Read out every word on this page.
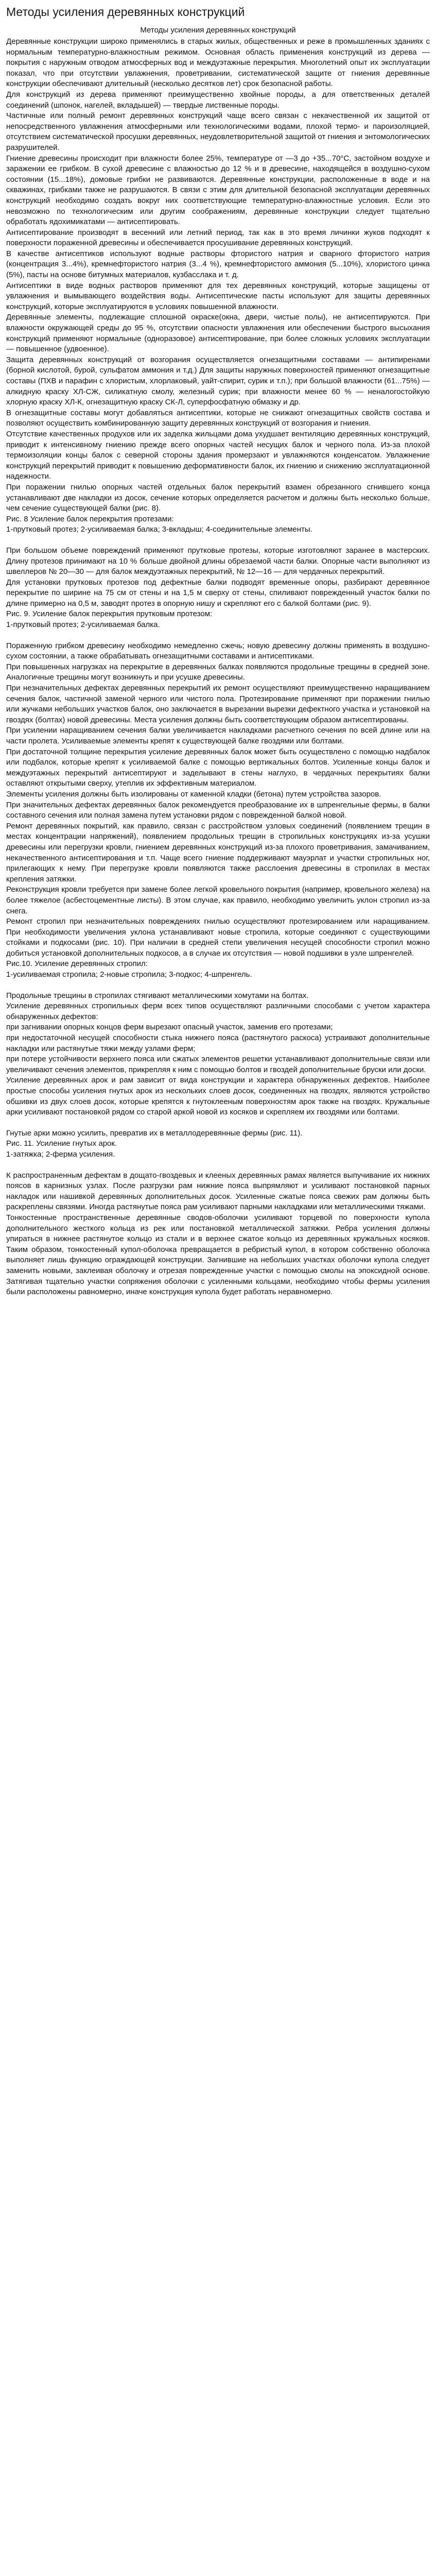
Методы усиления деревянных конструкций
Методы усиления деревянных конструкций

Деревянные конструкции широко применялись в старых жилых, общественных и реже в промышленных зданиях с нормальным температурно-влажностным режимом. Основная область применения конструкций из дерева — покрытия с наружным отводом атмосферных вод и междуэтажные перекрытия. Многолетний опыт их эксплуатации показал, что при отсутствии увлажнения, проветривании, систематической защите от гниения деревянные конструкции обеспечивают длительный (несколько десятков лет) срок безопасной работы.

Для конструкций из дерева применяют преимущественно хвойные породы, а для ответственных деталей соединений (шпонок, нагелей, вкладышей) — твердые лиственные породы.

Частичные или полный ремонт деревянных конструкций чаще всего связан с некачественной их защитой от непосредственного увлажнения атмосферными или технологическими водами, плохой термо- и пароизоляцией, отсутствием систематической просушки деревянных, неудовлетворительной защитой от гниения и энтомологических разрушителей.

Гниение древесины происходит при влажности более 25%, температуре от —3 до +35...70°С, застойном воздухе и заражении ее грибком. В сухой древесине с влажностью до 12 % и в древесине, находящейся в воздушно-сухом состоянии (15...18%), домовые грибки не развиваются. Деревянные конструкции, расположенные в воде и на скважинах, грибками также не разрушаются. В связи с этим для длительной безопасной эксплуатации деревянных конструкций необходимо создать вокруг них соответствующие температурно-влажностные условия. Если это невозможно по технологическим или другим соображениям, деревянные конструкции следует тщательно обработать ядохимикатами — антисептировать.

Антисептирование производят в весенний или летний период, так как в это время личинки жуков подходят к поверхности пораженной древесины и обеспечивается просушивание деревянных конструкций.

В качестве антисептиков используют водные растворы фтористого натрия и сварного фтористого натрия (концентрация 3...4%), кремнефтористого натрия (3...4 %), кремнефтористого аммония (5...10%), хлористого цинка (5%), пасты на основе битумных материалов, кузбасслака и т. д.

Антисептики в виде водных растворов применяют для тех деревянных конструкций, которые защищены от увлажнения и вымывающего воздействия воды. Антисептические пасты используют для защиты деревянных конструкций, которые эксплуатируются в условиях повышенной влажности.

Деревянные элементы, подлежащие сплошной окраске(окна, двери, чистые полы), не антисептируются. При влажности окружающей среды до 95 %, отсутствии опасности увлажнения или обеспечении быстрого высыхания конструкций применяют нормальные (одноразовое) антисептирование, при более сложных условиях эксплуатации — повышенное (удвоенное).

Защита деревянных конструкций от возгорания осуществляется огнезащитными составами — антипиренами (борной кислотой, бурой, сульфатом аммония и т.д.) Для защиты наружных поверхностей применяют огнезащитные составы (ПХВ и парафин с хлористым, хлорлаковый, уайт-спирит, сурик и т.п.); при большой влажности (61...75%) — алкидную краску ХЛ-СЖ, силикатную смолу, железный сурик; при влажности менее 60 % — неналогостойкую хлорную краску ХЛ-К, огнезащитную краску СК-Л, суперфосфатную обмазку и др.

В огнезащитные составы могут добавляться антисептики, которые не снижают огнезащитных свойств состава и позволяют осуществить комбинированную защиту деревянных конструкций от возгорания и гниения.

Отсутствие качественных продухов или их заделка жильцами дома ухудшает вентиляцию деревянных конструкций, приводит к интенсивному гниению прежде всего опорных частей несущих балок и черного пола. Из-за плохой термоизоляции концы балок с северной стороны здания промерзают и увлажняются конденсатом. Увлажнение конструкций перекрытий приводит к повышению деформативности балок, их гниению и снижению эксплуатационной надежности.

При поражении гнилью опорных частей отдельных балок перекрытий взамен обрезанного сгнившего конца устанавливают две накладки из досок, сечение которых определяется расчетом и должны быть несколько больше, чем сечение существующей балки (рис. 8).

Рис. 8 Усиление балок перекрытия протезами:

1-прутковый протез; 2-усиливаемая балка; 3-вкладыш; 4-соединительные элементы.

При большом объеме повреждений применяют прутковые протезы, которые изготовляют заранее в мастерских. Длину протезов принимают на 10 % больше двойной длины обрезаемой части балки. Опорные части выполняют из швеллеров № 20—30 — для балок междуэтажных перекрытий, № 12—16 — для чердачных перекрытий.

Для установки прутковых протезов под дефектные балки подводят временные опоры, разбирают деревянное перекрытие по ширине на 75 см от стены и на 1,5 м сверху от стены, спиливают поврежденный участок балки по длине примерно на 0,5 м, заводят протез в опорную нишу и скрепляют его с балкой болтами (рис. 9).

Рис. 9. Усиление балок перекрытия прутковым протезом:

1-прутковый протез; 2-усиливаемая балка.

Пораженную грибком древесину необходимо немедленно сжечь; новую древесину должны применять в воздушно-сухом состоянии, а также обрабатывать огнезащитными составами и антисептиками.

При повышенных нагрузках на перекрытие в деревянных балках появляются продольные трещины в средней зоне. Аналогичные трещины могут возникнуть и при усушке древесины.

При незначительных дефектах деревянных перекрытий их ремонт осуществляют преимущественно наращиванием сечения балок, частичной заменой черного или чистого пола. Протезирование применяют при поражении гнилью или жучками небольших участков балок, оно заключается в вырезании вырезки дефектного участка и установкой на гвоздях (болтах) новой древесины. Места усиления должны быть соответствующим образом антисептированы.

При усилении наращиванием сечения балки увеличивается накладками расчетного сечения по всей длине или на части пролета. Усиливаемые элементы крепят к существующей балке гвоздями или болтами.

При достаточной толщине перекрытия усиление деревянных балок может быть осуществлено с помощью надбалок или подбалок, которые крепят к усиливаемой балке с помощью вертикальных болтов. Усиленные концы балок и междуэтажных перекрытий антисептируют и заделывают в стены наглухо, в чердачных перекрытиях балки оставляют открытыми сверху, утеплив их эффективным материалом.

Элементы усиления должны быть изолированы от каменной кладки (бетона) путем устройства зазоров.

При значительных дефектах деревянных балок рекомендуется преобразование их в шпренгельные фермы, в балки составного сечения или полная замена путем установки рядом с поврежденной балкой новой.

Ремонт деревянных покрытий, как правило, связан с расстройством узловых соединений (появлением трещин в местах концентрации напряжений), появлением продольных трещин в стропильных конструкциях из-за усушки древесины или перегрузки кровли, гниением деревянных конструкций из-за плохого проветривания, замачиванием, некачественного антисептирования и т.п. Чаще всего гниение поддерживают мауэрлат и участки стропильных ног, прилегающих к нему. При перегрузке кровли появляются также расслоения древесины в стропилах в местах крепления затяжки.

Реконструкция кровли требуется при замене более легкой кровельного покрытия (например, кровельного железа) на более тяжелое (асбестоцементные листы). В этом случае, как правило, необходимо увеличить уклон стропил из-за снега.

Ремонт стропил при незначительных повреждениях гнилью осуществляют протезированием или наращиванием. При необходимости увеличения уклона устанавливают новые стропила, которые соединяют с существующими стойками и подкосами (рис. 10). При наличии в средней степи увеличения несущей способности стропил можно добиться установкой дополнительных подкосов, а в случае их отсутствия — новой подшивки в узле шпренгелей.

Рис.10. Усиление деревянных стропил:

1-усиливаемая стропила; 2-новые стропила; 3-подкос; 4-шпренгель.

Продольные трещины в стропилах стягивают металлическими хомутами на болтах.

Усиление деревянных стропильных ферм всех типов осуществляют различными способами с учетом характера обнаруженных дефектов:

при загнивании опорных концов ферм вырезают опасный участок, заменив его протезами;

при недостаточной несущей способности стыка нижнего пояса (растянутого раскоса) устраивают дополнительные накладки или растянутые тяжи между узлами ферм;

при потере устойчивости верхнего пояса или сжатых элементов решетки устанавливают дополнительные связи или увеличивают сечения элементов, прикрепляя к ним с помощью болтов и гвоздей дополнительные бруски или доски.

Усиление деревянных арок и рам зависит от вида конструкции и характера обнаруженных дефектов. Наиболее простые способы усиления гнутых арок из нескольких слоев досок, соединенных на гвоздях, являются устройство обшивки из двух слоев досок, которые крепятся к гнутоклееным поверхностям арок также на гвоздях. Кружальные арки усиливают постановкой рядом со старой аркой новой из косяков и скрепляем их гвоздями или болтами.

Гнутые арки можно усилить, превратив их в металлодеревянные фермы (рис. 11).

Рис. 11. Усиление гнутых арок.

1-затяжка; 2-ферма усиления.

К распространенным дефектам в дощато-гвоздевых и клееных деревянных рамах является выпучивание их нижних поясов в карнизных узлах. После разгрузки рам нижние пояса выпрямляют и усиливают постановкой парных накладок или нашивкой деревянных дополнительных досок. Усиленные сжатые пояса свежих рам должны быть раскреплены связями. Иногда растянутые пояса рам усиливают парными накладками или металлическими тяжами.

Тонкостенные пространственные деревянные сводов-оболочки усиливают торцевой по поверхности купола дополнительного жесткого кольца из рек или постановкой металлической затяжки. Ребра усиления должны упираться в нижнее растянутое кольцо из стали и в верхнее сжатое кольцо из деревянных кружальных косяков. Таким образом, тонкостенный купол-оболочка превращается в ребристый купол, в котором собственно оболочка выполняет лишь функцию ограждающей конструкции. Загнившие на небольших участках оболочки купола следует заменить новыми, заклеивая оболочку и отрезая поврежденные участки с помощью смолы на эпоксидной основе. Затягивая тщательно участки сопряжения оболочки с усиленными кольцами, необходимо чтобы фермы усиления были расположены равномерно, иначе конструкция купола будет работать неравномерно.
